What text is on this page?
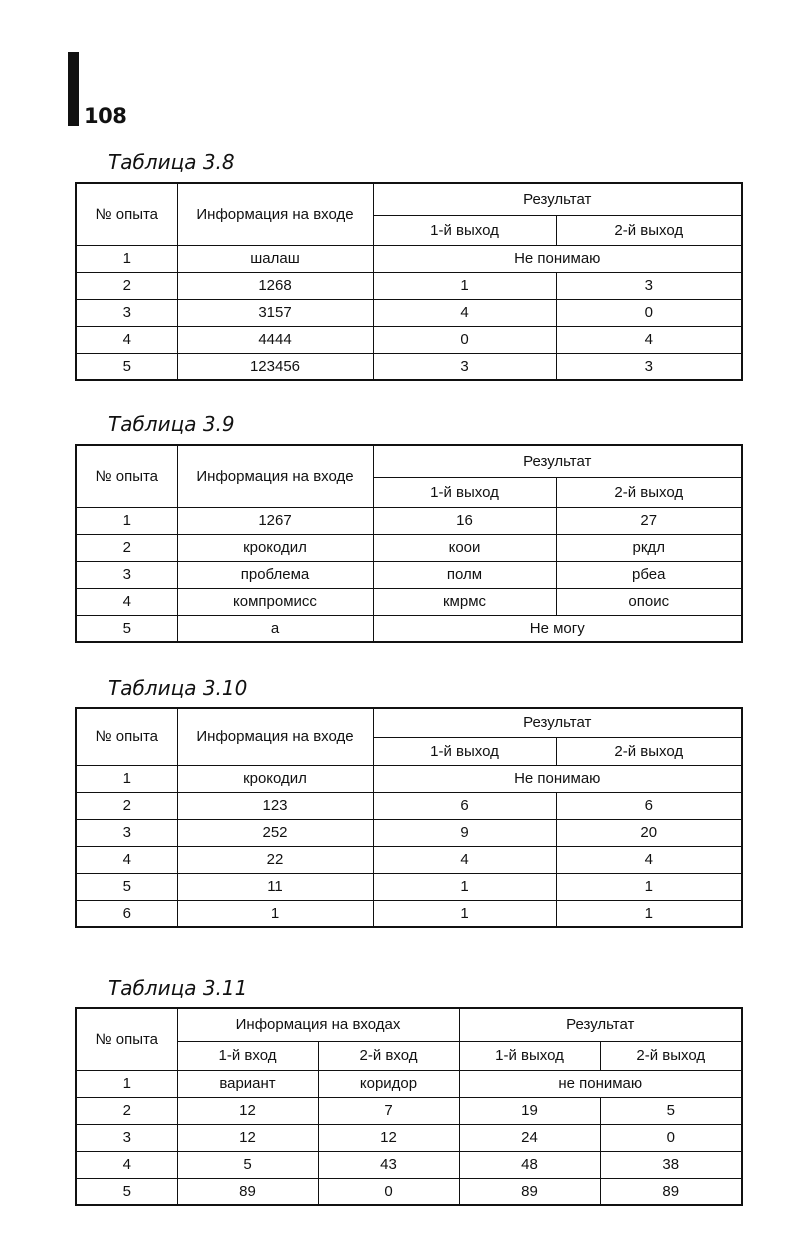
108
Таблица 3.8
№ опыта	Информация на входе	Результат	
		1-й выход	2-й выход
1	шалаш	Не понимаю	
2	1268	1	3
3	3157	4	0
4	4444	0	4
5	123456	3	3
Таблица 3.9
№ опыта	Информация на входе	Результат	
		1-й выход	2-й выход
1	1267	16	27
2	крокодил	коои	ркдл
3	проблема	полм	рбеа
4	компромисс	кмрмс	опоис
5	а	Не могу	
Таблица 3.10
№ опыта	Информация на входе	Результат	
		1-й выход	2-й выход
1	крокодил	Не понимаю	
2	123	6	6
3	252	9	20
4	22	4	4
5	11	1	1
6	1	1	1
Таблица 3.11
№ опыта	Информация на входах		Результат	
	1-й вход	2-й вход	1-й выход	2-й выход
1	вариант	коридор	не понимаю	
2	12	7	19	5
3	12	12	24	0
4	5	43	48	38
5	89	0	89	89
